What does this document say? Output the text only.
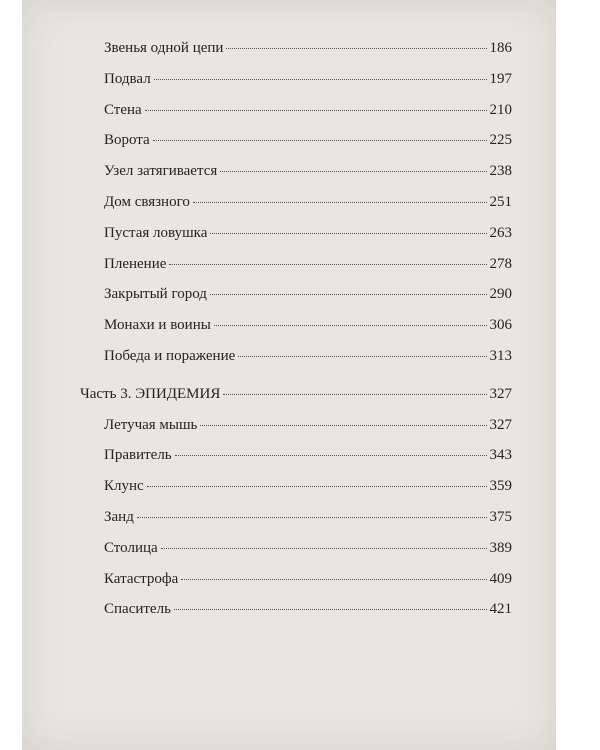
Звенья одной цепи	186
Подвал	197
Стена	210
Ворота	225
Узел затягивается	238
Дом связного	251
Пустая ловушка	263
Пленение	278
Закрытый город	290
Монахи и воины	306
Победа и поражение	313
Часть 3. ЭПИДЕМИЯ	327
Летучая мышь	327
Правитель	343
Клунс	359
Занд	375
Столица	389
Катастрофа	409
Спаситель	421
